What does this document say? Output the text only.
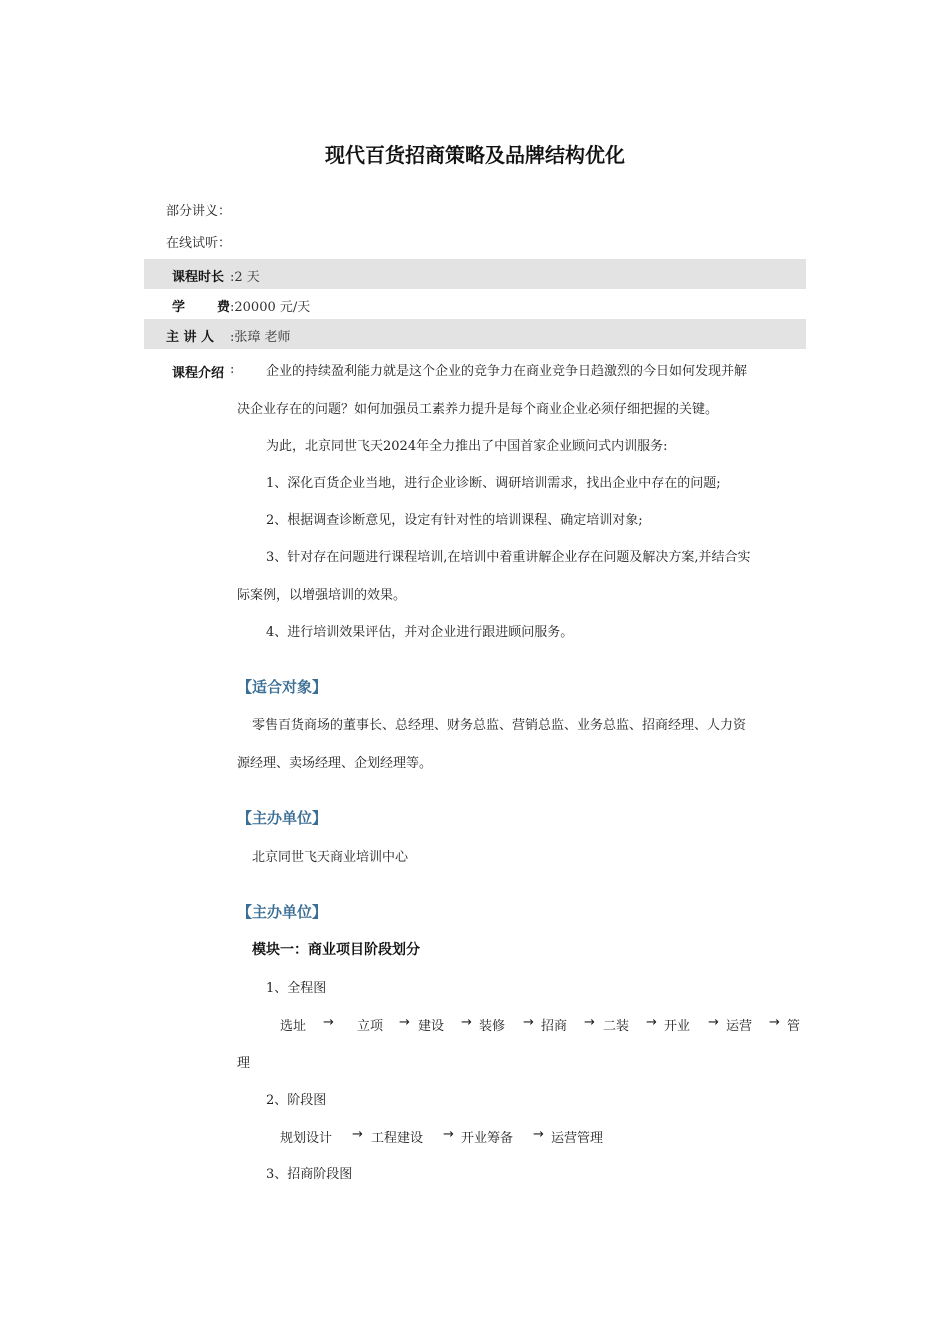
现代百货招商策略及品牌结构优化
部分讲义：
在线试听：
课程时长 :2 天
学 费 :20000 元/天
主 讲 人 :张璋 老师
课程介绍 : 企业的持续盈利能力就是这个企业的竞争力在商业竞争日趋激烈的今日如何发现并解
决企业存在的问题？如何加强员工素养力提升是每个商业企业必须仔细把握的关键。
为此，北京同世飞天2024年全力推出了中国首家企业顾问式内训服务:
1、深化百货企业当地，进行企业诊断、调研培训需求，找出企业中存在的问题;
2、根据调查诊断意见，设定有针对性的培训课程、确定培训对象;
3、针对存在问题进行课程培训,在培训中着重讲解企业存在问题及解决方案,并结合实
际案例，以增强培训的效果。
4、进行培训效果评估，并对企业进行跟进顾问服务。
【适合对象】
零售百货商场的董事长、总经理、财务总监、营销总监、业务总监、招商经理、人力资
源经理、卖场经理、企划经理等。
【主办单位】
北京同世飞天商业培训中心
【主办单位】
模块一：商业项目阶段划分
1、全程图
选址 → 立项 → 建设 → 装修 → 招商 → 二装 → 开业 → 运营 → 管
理
2、阶段图
规划设计 → 工程建设 → 开业筹备 → 运营管理
3、招商阶段图
